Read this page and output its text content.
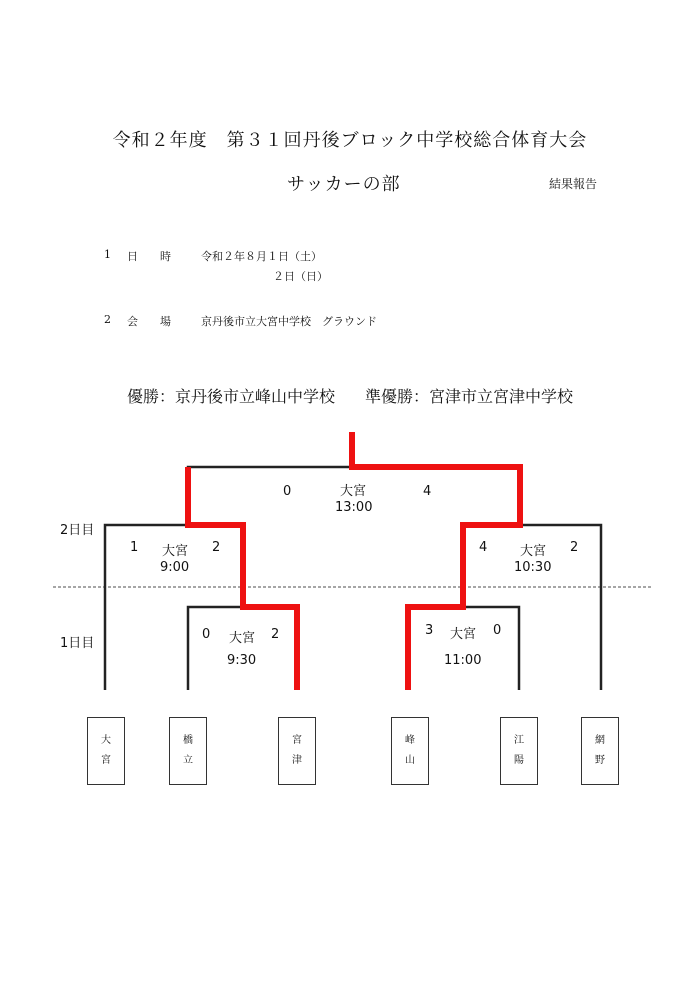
令和２年度　第３１回丹後ブロック中学校総合体育大会
サッカーの部	結果報告
1 日　　時	令和２年８月１日（土）
２日（日）
2 会　　場	京丹後市立大宮中学校　グラウンド
優勝：京丹後市立峰山中学校 準優勝：宮津市立宮津中学校
2日目
1日目
0	大宮	4
13:00
1 大宮 2
9:00
4	大宮 2
10:30
0 大宮 2
9:30
3 大宮 0
11:00
大
宮
橋
立
宮
津
峰
山
江
陽
網
野
